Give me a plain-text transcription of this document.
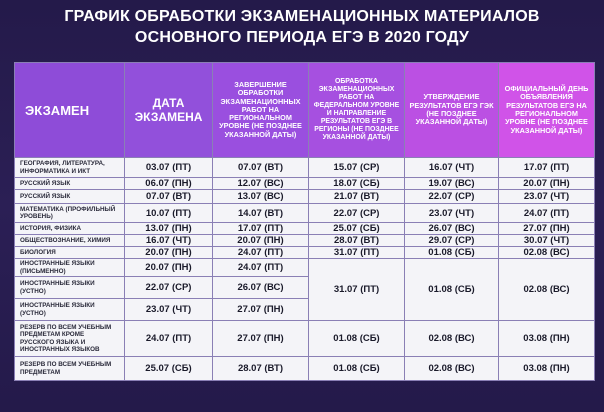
ГРАФИК ОБРАБОТКИ ЭКЗАМЕНАЦИОННЫХ МАТЕРИАЛОВ
ОСНОВНОГО ПЕРИОДА ЕГЭ В 2020 ГОДУ
ЭКЗАМЕН	ДАТА ЭКЗАМЕНА	ЗАВЕРШЕНИЕ ОБРАБОТКИ ЭКЗАМЕНАЦИОННЫХ РАБОТ НА РЕГИОНАЛЬНОМ УРОВНЕ (НЕ ПОЗДНЕЕ УКАЗАННОЙ ДАТЫ)	ОБРАБОТКА ЭКЗАМЕНАЦИОННЫХ РАБОТ НА ФЕДЕРАЛЬНОМ УРОВНЕ И НАПРАВЛЕНИЕ РЕЗУЛЬТАТОВ ЕГЭ В РЕГИОНЫ (НЕ ПОЗДНЕЕ УКАЗАННОЙ ДАТЫ)	УТВЕРЖДЕНИЕ РЕЗУЛЬТАТОВ ЕГЭ ГЭК (НЕ ПОЗДНЕЕ УКАЗАННОЙ ДАТЫ)	ОФИЦИАЛЬНЫЙ ДЕНЬ ОБЪЯВЛЕНИЯ РЕЗУЛЬТАТОВ ЕГЭ НА РЕГИОНАЛЬНОМ УРОВНЕ (НЕ ПОЗДНЕЕ УКАЗАННОЙ ДАТЫ)
ГЕОГРАФИЯ, ЛИТЕРАТУРА, ИНФОРМАТИКА И ИКТ	03.07 (ПТ)	07.07 (ВТ)	15.07 (СР)	16.07 (ЧТ)	17.07 (ПТ)
РУССКИЙ ЯЗЫК	06.07 (ПН)	12.07 (ВС)	18.07 (СБ)	19.07 (ВС)	20.07 (ПН)
РУССКИЙ ЯЗЫК	07.07 (ВТ)	13.07 (ВС)	21.07 (ВТ)	22.07 (СР)	23.07 (ЧТ)
МАТЕМАТИКА (ПРОФИЛЬНЫЙ УРОВЕНЬ)	10.07 (ПТ)	14.07 (ВТ)	22.07 (СР)	23.07 (ЧТ)	24.07 (ПТ)
ИСТОРИЯ, ФИЗИКА	13.07 (ПН)	17.07 (ПТ)	25.07 (СБ)	26.07 (ВС)	27.07 (ПН)
ОБЩЕСТВОЗНАНИЕ, ХИМИЯ	16.07 (ЧТ)	20.07 (ПН)	28.07 (ВТ)	29.07 (СР)	30.07 (ЧТ)
БИОЛОГИЯ	20.07 (ПН)	24.07 (ПТ)	31.07 (ПТ)	01.08 (СБ)	02.08 (ВС)
ИНОСТРАННЫЕ ЯЗЫКИ (ПИСЬМЕННО)	20.07 (ПН)	24.07 (ПТ)	31.07 (ПТ)	01.08 (СБ)	02.08 (ВС)
ИНОСТРАННЫЕ ЯЗЫКИ (УСТНО)	22.07 (СР)	26.07 (ВС)			
ИНОСТРАННЫЕ ЯЗЫКИ (УСТНО)	23.07 (ЧТ)	27.07 (ПН)			
РЕЗЕРВ ПО ВСЕМ УЧЕБНЫМ ПРЕДМЕТАМ КРОМЕ РУССКОГО ЯЗЫКА И ИНОСТРАННЫХ ЯЗЫКОВ	24.07 (ПТ)	27.07 (ПН)	01.08 (СБ)	02.08 (ВС)	03.08 (ПН)
РЕЗЕРВ ПО ВСЕМ УЧЕБНЫМ ПРЕДМЕТАМ	25.07 (СБ)	28.07 (ВТ)	01.08 (СБ)	02.08 (ВС)	03.08 (ПН)
